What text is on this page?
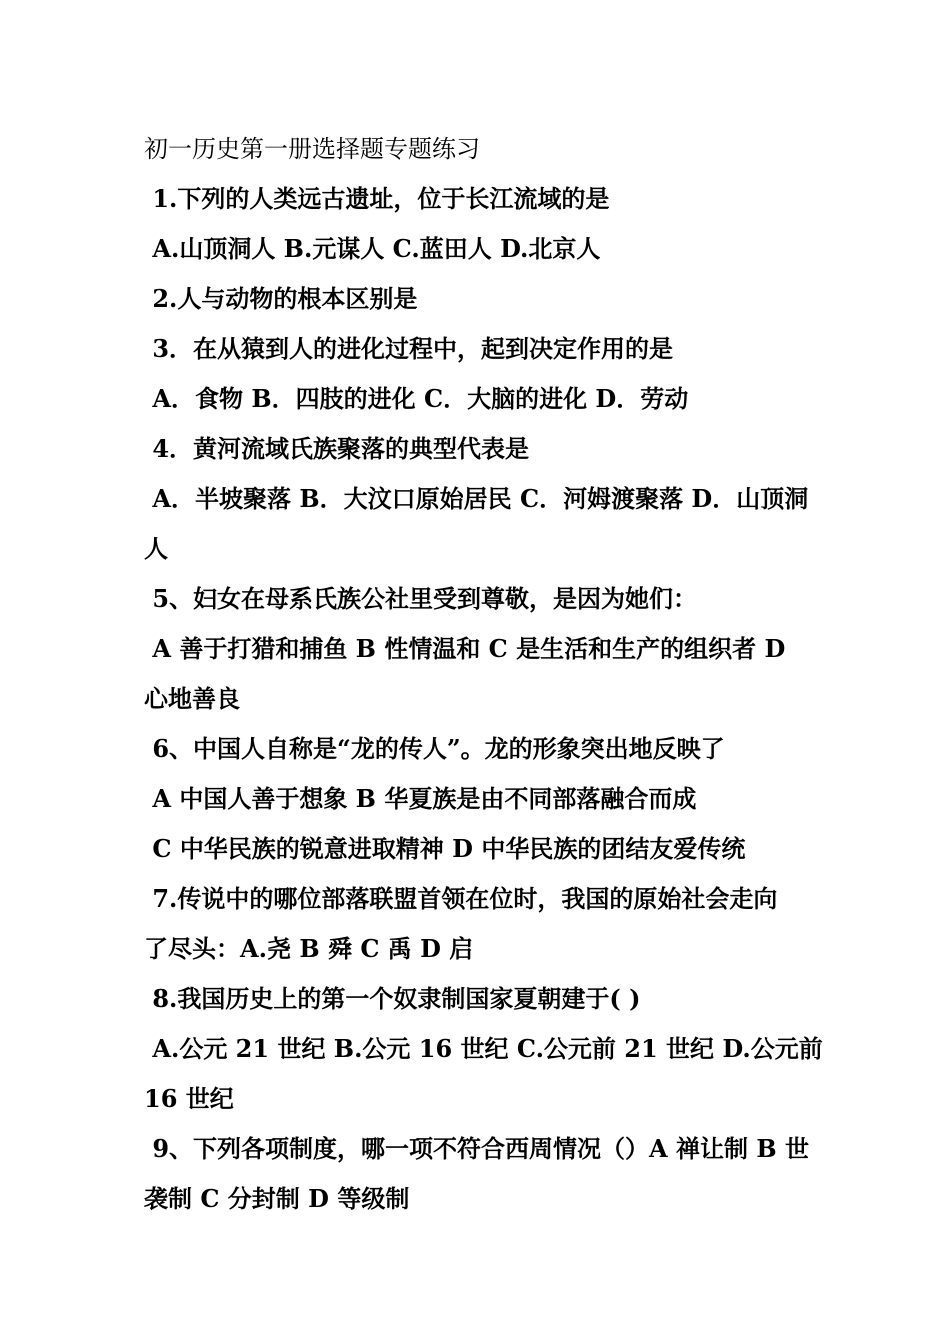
初一历史第一册选择题专题练习
1.下列的人类远古遗址，位于长江流域的是
A.山顶洞人 B.元谋人 C.蓝田人 D.北京人
2.人与动物的根本区别是
3．在从猿到人的进化过程中，起到决定作用的是
A．食物 B．四肢的进化 C．大脑的进化 D．劳动
4．黄河流域氏族聚落的典型代表是
A．半坡聚落 B．大汶口原始居民 C．河姆渡聚落 D．山顶洞
人
5、妇女在母系氏族公社里受到尊敬，是因为她们：
A 善于打猎和捕鱼 B 性情温和 C 是生活和生产的组织者 D
心地善良
6、中国人自称是“龙的传人”。龙的形象突出地反映了
A 中国人善于想象 B 华夏族是由不同部落融合而成
C 中华民族的锐意进取精神 D 中华民族的团结友爱传统
7.传说中的哪位部落联盟首领在位时，我国的原始社会走向
了尽头：A.尧 B 舜 C 禹 D 启
8.我国历史上的第一个奴隶制国家夏朝建于( )
A.公元 21 世纪 B.公元 16 世纪 C.公元前 21 世纪 D.公元前
16 世纪
9、下列各项制度，哪一项不符合西周情况（）A 禅让制 B 世
袭制 C 分封制 D 等级制
